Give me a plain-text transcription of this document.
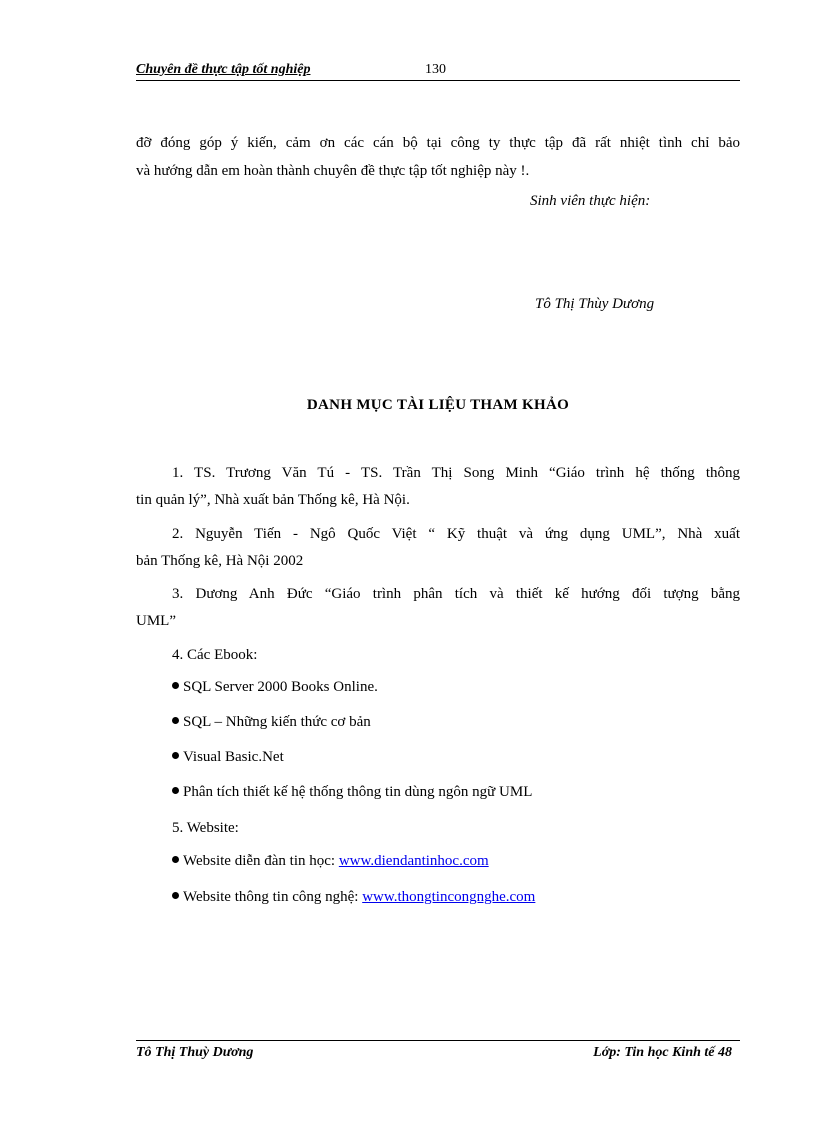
Chuyên đề thực tập tốt nghiệp	130
đỡ đóng góp ý kiến, cảm ơn các cán bộ tại công ty thực tập đã rất nhiệt tình chỉ bảo
và hướng dẫn em hoàn thành chuyên đề thực tập tốt nghiệp này !.
Sinh viên thực hiện:
Tô Thị Thùy Dương
DANH MỤC TÀI LIỆU THAM KHẢO
1. TS. Trương Văn Tú - TS. Trần Thị Song Minh “Giáo trình hệ thống thông
tin quản lý”, Nhà xuất bản Thống kê, Hà Nội.
2. Nguyễn Tiến - Ngô Quốc Việt “ Kỹ thuật và ứng dụng UML”, Nhà xuất
bản Thống kê, Hà Nội 2002
3. Dương Anh Đức “Giáo trình phân tích và thiết kế hướng đối tượng bằng
UML”
4. Các Ebook:
SQL Server 2000 Books Online.
SQL – Những kiến thức cơ bản
Visual Basic.Net
Phân tích thiết kế hệ thống thông tin dùng ngôn ngữ UML
5. Website:
Website diễn đàn tin học: www.diendantinhoc.com
Website thông tin công nghệ: www.thongtincongnghe.com
Tô Thị Thuỳ Dương	Lớp: Tin học Kinh tế 48
